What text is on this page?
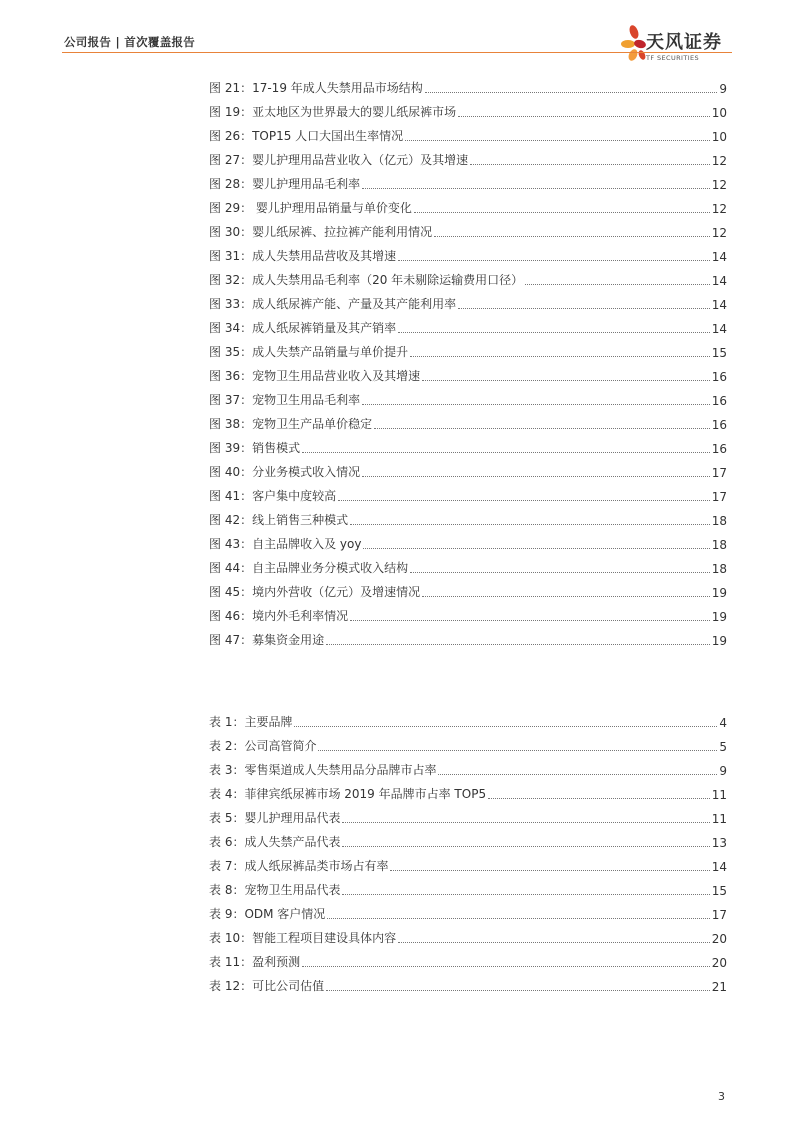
公司报告 | 首次覆盖报告	天风证券
TF SECURITIES
图 21：17-19 年成人失禁用品市场结构	9
图 19：亚太地区为世界最大的婴儿纸尿裤市场	10
图 26：TOP15 人口大国出生率情况	10
图 27：婴儿护理用品营业收入（亿元）及其增速	12
图 28：婴儿护理用品毛利率	12
图 29： 婴儿护理用品销量与单价变化	12
图 30：婴儿纸尿裤、拉拉裤产能利用情况	12
图 31：成人失禁用品营收及其增速	14
图 32：成人失禁用品毛利率（20 年未剔除运输费用口径）	14
图 33：成人纸尿裤产能、产量及其产能利用率	14
图 34：成人纸尿裤销量及其产销率	14
图 35：成人失禁产品销量与单价提升	15
图 36：宠物卫生用品营业收入及其增速	16
图 37：宠物卫生用品毛利率	16
图 38：宠物卫生产品单价稳定	16
图 39：销售模式	16
图 40：分业务模式收入情况	17
图 41：客户集中度较高	17
图 42：线上销售三种模式	18
图 43：自主品牌收入及 yoy	18
图 44：自主品牌业务分模式收入结构	18
图 45：境内外营收（亿元）及增速情况	19
图 46：境内外毛利率情况	19
图 47：募集资金用途	19
表 1：主要品牌	4
表 2：公司高管简介	5
表 3：零售渠道成人失禁用品分品牌市占率	9
表 4：菲律宾纸尿裤市场 2019 年品牌市占率 TOP5	11
表 5：婴儿护理用品代表	11
表 6：成人失禁产品代表	13
表 7：成人纸尿裤品类市场占有率	14
表 8：宠物卫生用品代表	15
表 9：ODM 客户情况	17
表 10：智能工程项目建设具体内容	20
表 11：盈利预测	20
表 12：可比公司估值	21
3
